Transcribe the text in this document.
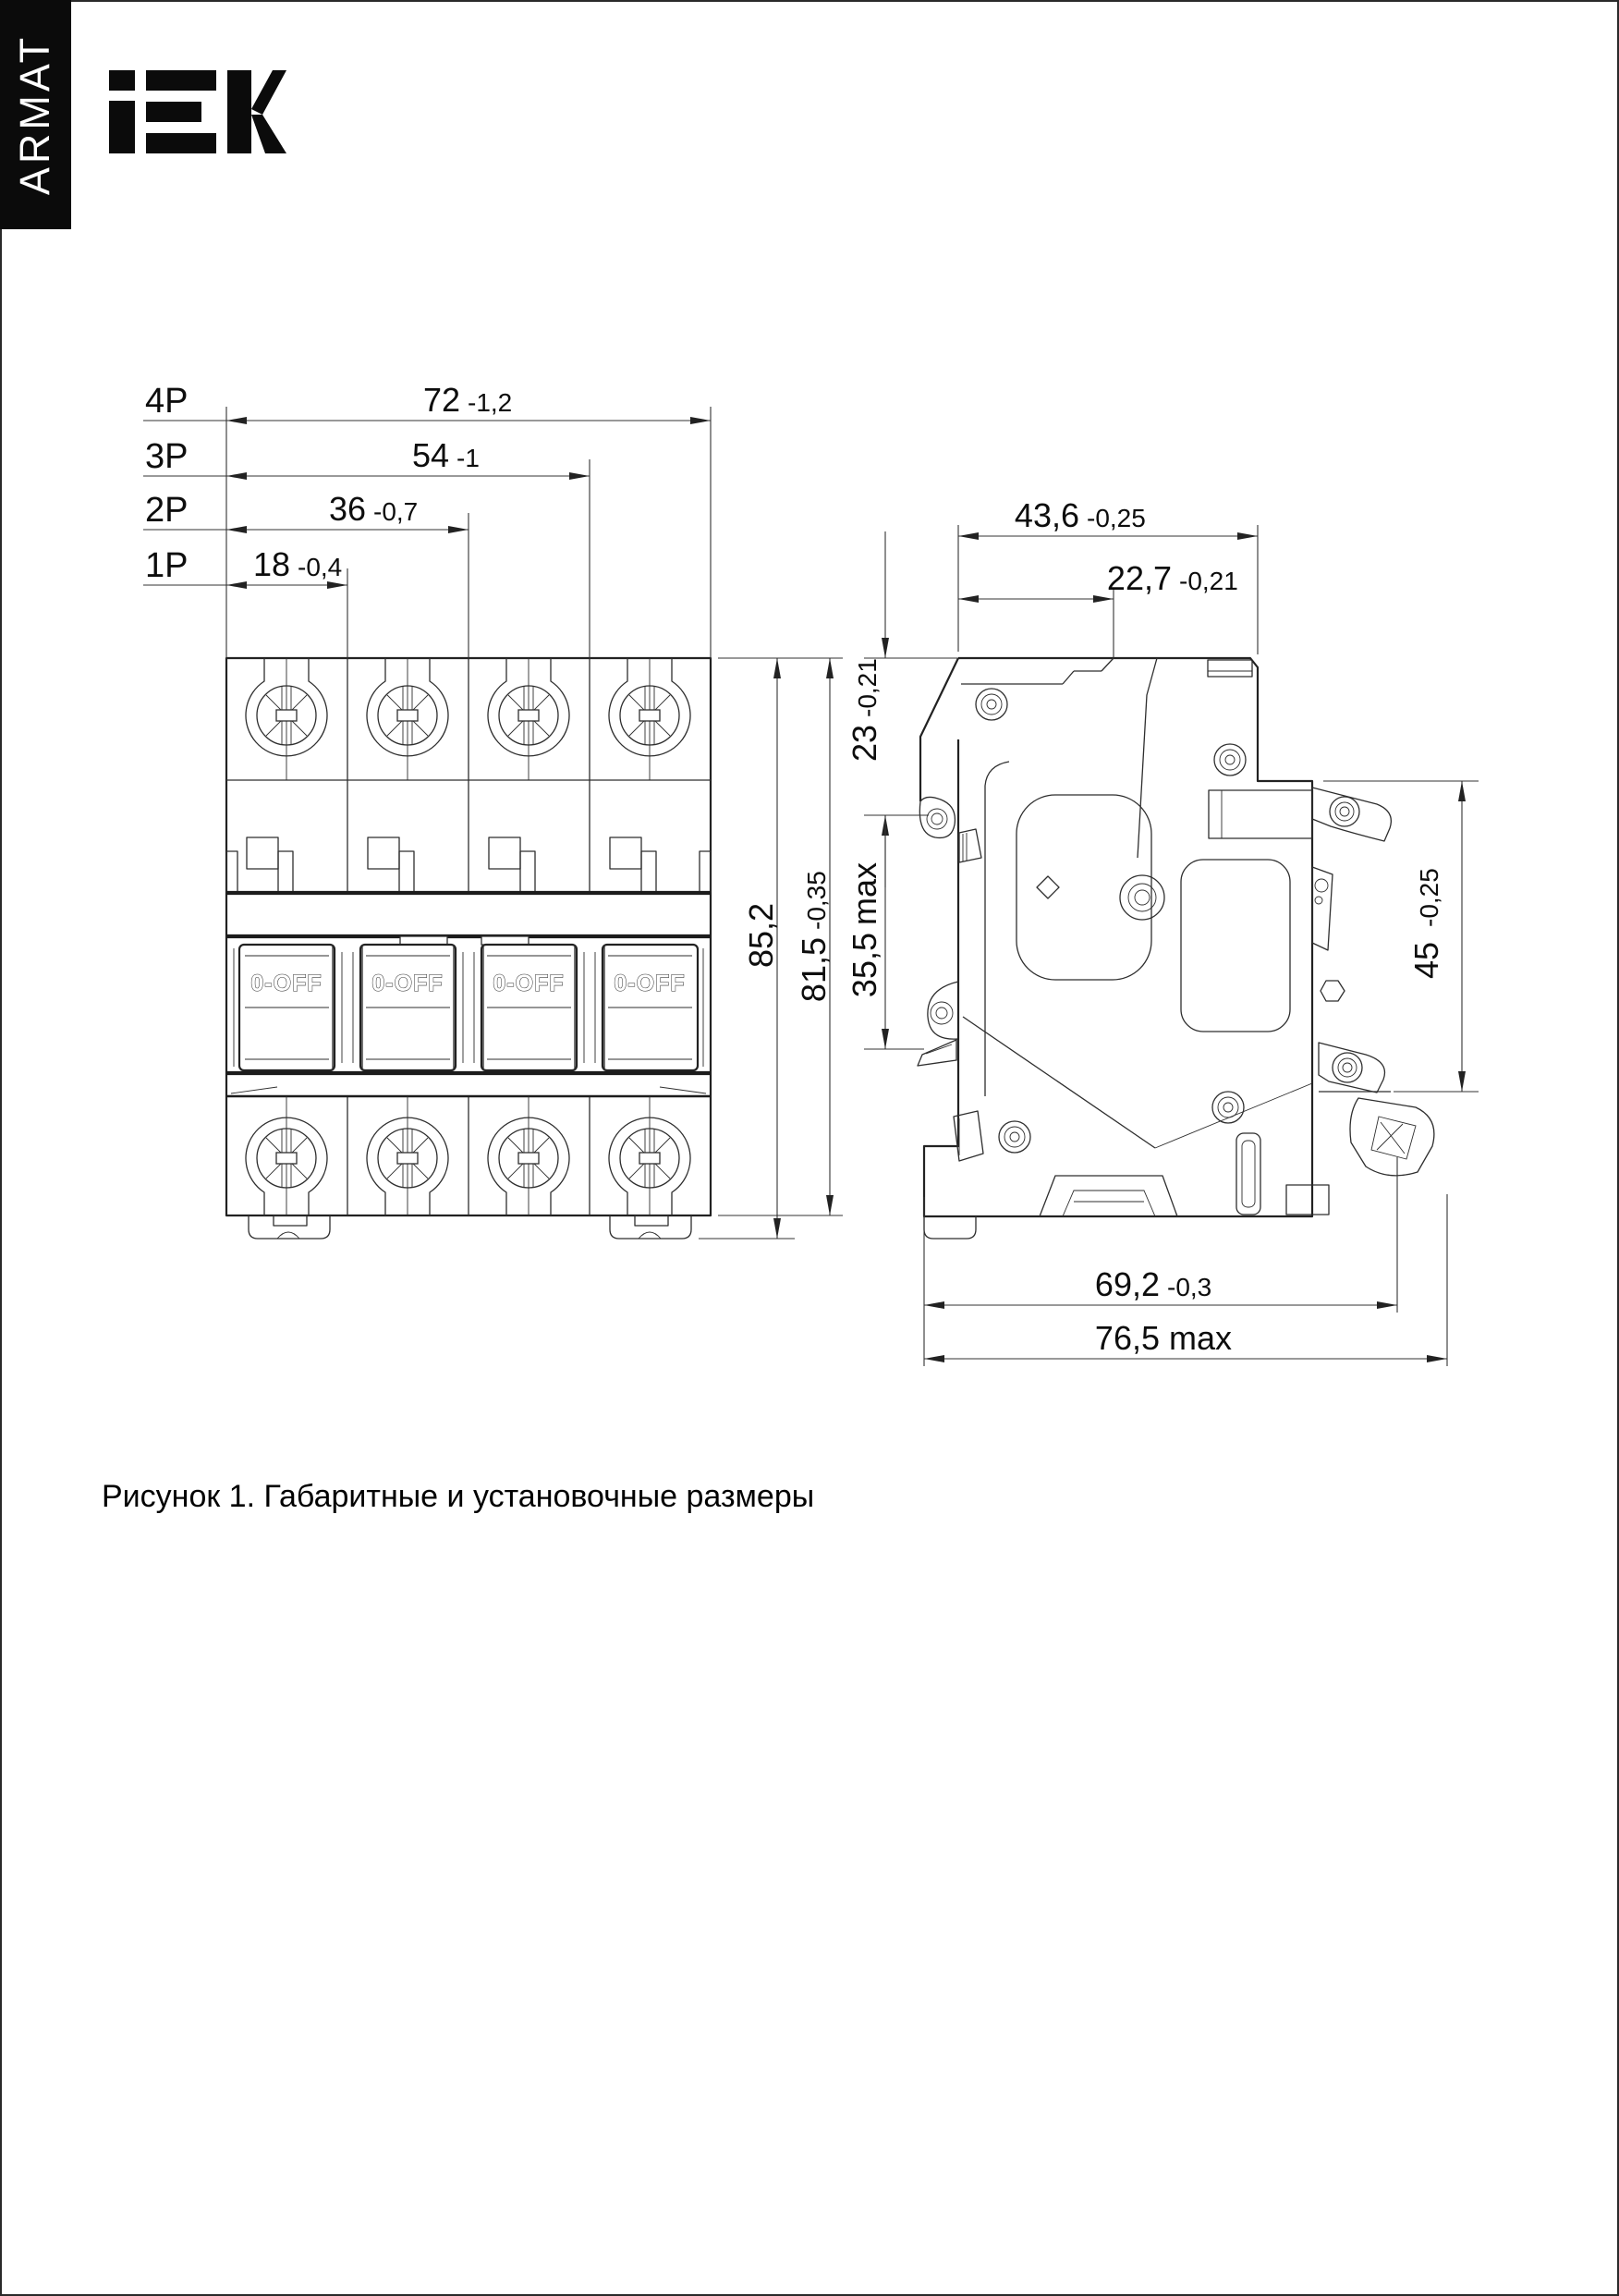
ARMAT
0-OFF 0-OFF 0-OFF 0-OFF
4P
3P
2P
1P
72 -1,2
54 -1
36 -0,7
18 -0,4
85,2
81,5
-0,35
43,6 -0,25
22,7 -0,21
23
-0,21
35,5
max
45
-0,25
69,2 -0,3
76,5 max
Рисунок 1. Габаритные и установочные размеры
